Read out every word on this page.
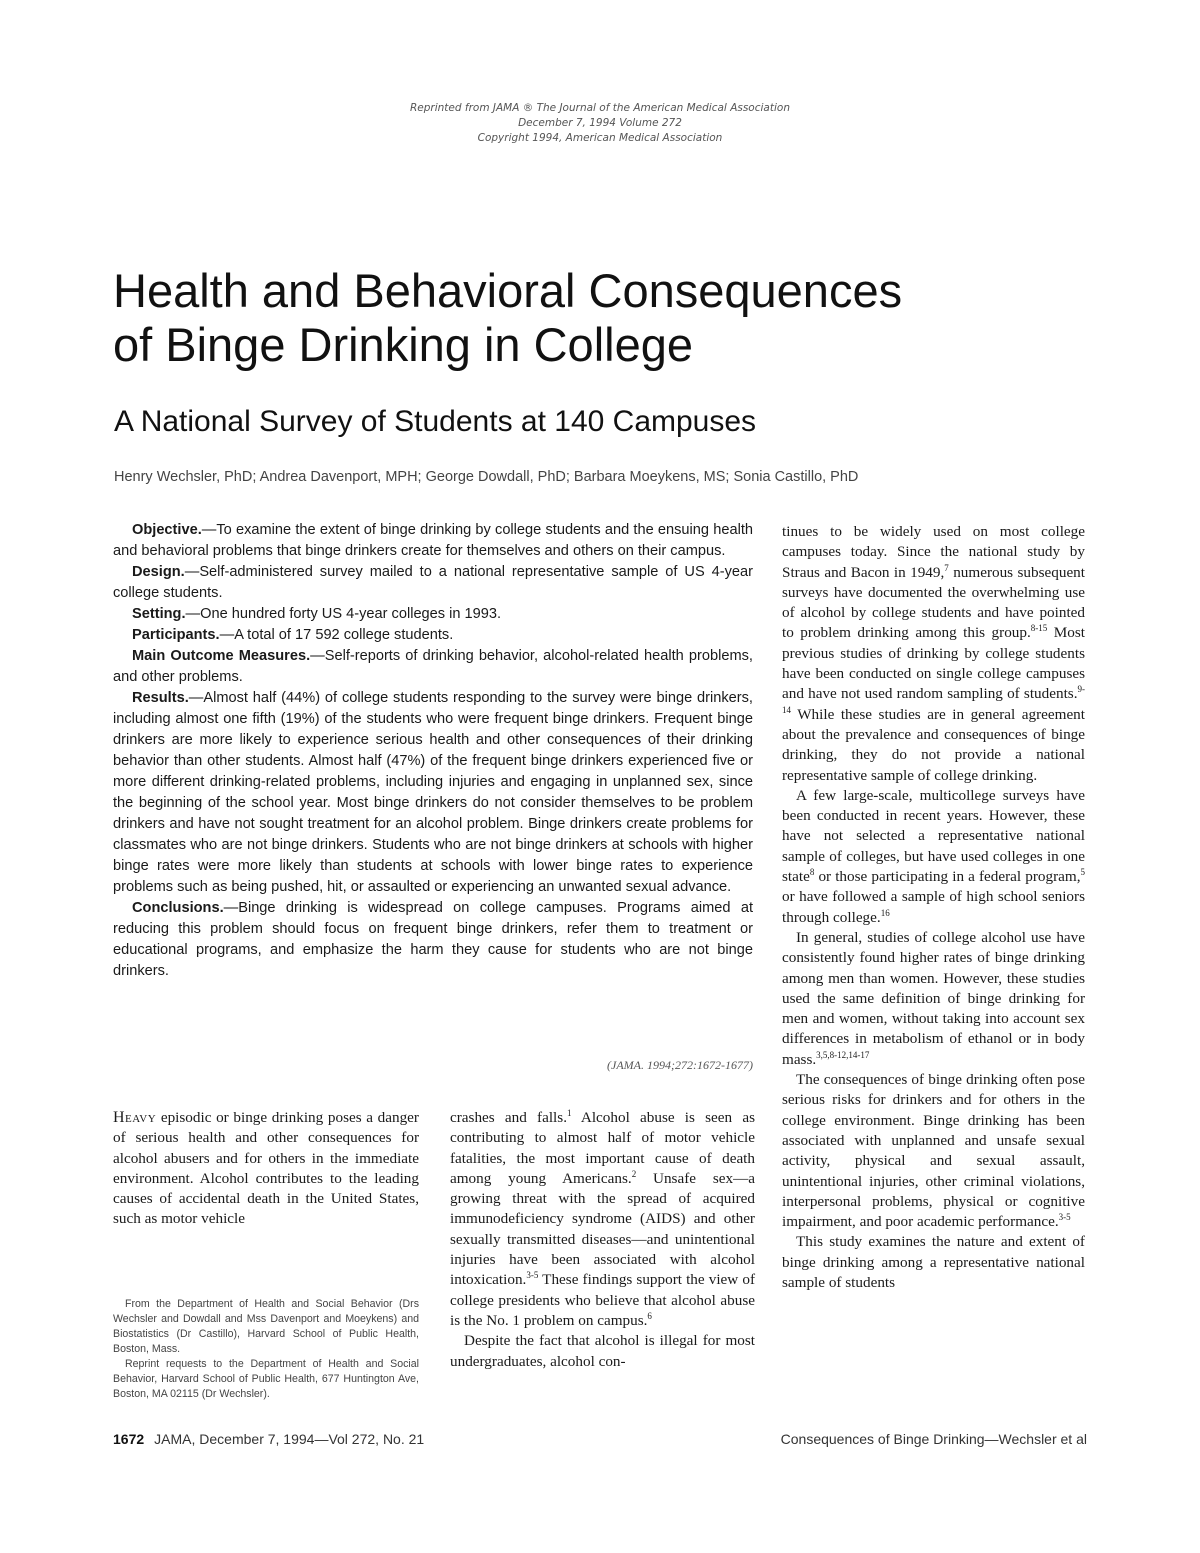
Reprinted from JAMA ® The Journal of the American Medical Association
December 7, 1994 Volume 272
Copyright 1994, American Medical Association
Health and Behavioral Consequences
of Binge Drinking in College
A National Survey of Students at 140 Campuses
Henry Wechsler, PhD; Andrea Davenport, MPH; George Dowdall, PhD; Barbara Moeykens, MS; Sonia Castillo, PhD

Objective.—To examine the extent of binge drinking by college students and the ensuing health and behavioral problems that binge drinkers create for themselves and others on their campus.

Design.—Self-administered survey mailed to a national representative sample of US 4-year college students.

Setting.—One hundred forty US 4-year colleges in 1993.

Participants.—A total of 17 592 college students.

Main Outcome Measures.—Self-reports of drinking behavior, alcohol-related health problems, and other problems.

Results.—Almost half (44%) of college students responding to the survey were binge drinkers, including almost one fifth (19%) of the students who were frequent binge drinkers. Frequent binge drinkers are more likely to experience serious health and other consequences of their drinking behavior than other students. Almost half (47%) of the frequent binge drinkers experienced five or more different drinking-related problems, including injuries and engaging in unplanned sex, since the beginning of the school year. Most binge drinkers do not consider themselves to be problem drinkers and have not sought treatment for an alcohol problem. Binge drinkers create problems for classmates who are not binge drinkers. Students who are not binge drinkers at schools with higher binge rates were more likely than students at schools with lower binge rates to experience problems such as being pushed, hit, or assaulted or experiencing an unwanted sexual advance.

Conclusions.—Binge drinking is widespread on college campuses. Programs aimed at reducing this problem should focus on frequent binge drinkers, refer them to treatment or educational programs, and emphasize the harm they cause for students who are not binge drinkers.

(JAMA. 1994;272:1672-1677)

Heavy episodic or binge drinking poses a danger of serious health and other consequences for alcohol abusers and for others in the immediate environment. Alcohol contributes to the leading causes of accidental death in the United States, such as motor vehicle

From the Department of Health and Social Behavior (Drs Wechsler and Dowdall and Mss Davenport and Moeykens) and Biostatistics (Dr Castillo), Harvard School of Public Health, Boston, Mass.

Reprint requests to the Department of Health and Social Behavior, Harvard School of Public Health, 677 Huntington Ave, Boston, MA 02115 (Dr Wechsler).

crashes and falls.$^1$ Alcohol abuse is seen as contributing to almost half of motor vehicle fatalities, the most important cause of death among young Americans.$^2$ Unsafe sex—a growing threat with the spread of acquired immunodeficiency syndrome (AIDS) and other sexually transmitted diseases—and unintentional injuries have been associated with alcohol intoxication.$^{3-5}$ These findings support the view of college presidents who believe that alcohol abuse is the No. 1 problem on campus.$^6$

Despite the fact that alcohol is illegal for most undergraduates, alcohol con-

tinues to be widely used on most college campuses today. Since the national study by Straus and Bacon in 1949,$^7$ numerous subsequent surveys have documented the overwhelming use of alcohol by college students and have pointed to problem drinking among this group.$^{8-15}$ Most previous studies of drinking by college students have been conducted on single college campuses and have not used random sampling of students.$^{9-14}$ While these studies are in general agreement about the prevalence and consequences of binge drinking, they do not provide a national representative sample of college drinking.

A few large-scale, multicollege surveys have been conducted in recent years. However, these have not selected a representative national sample of colleges, but have used colleges in one state$^8$ or those participating in a federal program,$^5$ or have followed a sample of high school seniors through college.$^{16}$

In general, studies of college alcohol use have consistently found higher rates of binge drinking among men than women. However, these studies used the same definition of binge drinking for men and women, without taking into account sex differences in metabolism of ethanol or in body mass.$^{3,5,8-12,14-17}$

The consequences of binge drinking often pose serious risks for drinkers and for others in the college environment. Binge drinking has been associated with unplanned and unsafe sexual activity, physical and sexual assault, unintentional injuries, other criminal violations, interpersonal problems, physical or cognitive impairment, and poor academic performance.$^{3-5}$

This study examines the nature and extent of binge drinking among a representative national sample of students

1672 JAMA, December 7, 1994—Vol 272, No. 21	Consequences of Binge Drinking—Wechsler et al
